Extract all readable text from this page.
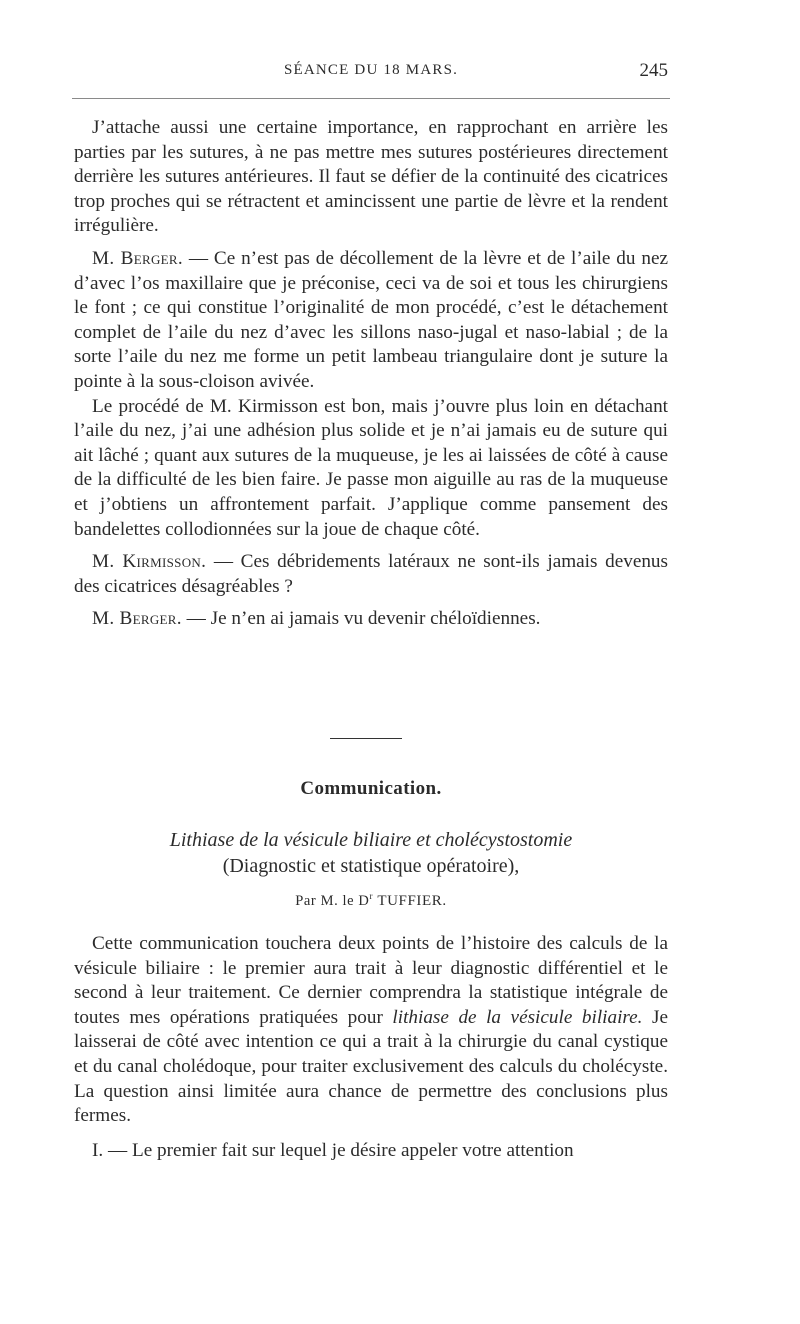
SÉANCE DU 18 MARS.	245

J’attache aussi une certaine importance, en rapprochant en arrière les parties par les sutures, à ne pas mettre mes sutures postérieures directement derrière les sutures antérieures. Il faut se défier de la continuité des cicatrices trop proches qui se rétractent et amincissent une partie de lèvre et la rendent irrégulière.

M. Berger. — Ce n’est pas de décollement de la lèvre et de l’aile du nez d’avec l’os maxillaire que je préconise, ceci va de soi et tous les chirurgiens le font ; ce qui constitue l’originalité de mon procédé, c’est le détachement complet de l’aile du nez d’avec les sillons naso-jugal et naso-labial ; de la sorte l’aile du nez me forme un petit lambeau triangulaire dont je suture la pointe à la sous-cloison avivée.

Le procédé de M. Kirmisson est bon, mais j’ouvre plus loin en détachant l’aile du nez, j’ai une adhésion plus solide et je n’ai jamais eu de suture qui ait lâché ; quant aux sutures de la muqueuse, je les ai laissées de côté à cause de la difficulté de les bien faire. Je passe mon aiguille au ras de la muqueuse et j’obtiens un affrontement parfait. J’applique comme pansement des bandelettes collodionnées sur la joue de chaque côté.

M. Kirmisson. — Ces débridements latéraux ne sont-ils jamais devenus des cicatrices désagréables ?

M. Berger. — Je n’en ai jamais vu devenir chéloïdiennes.

Communication.
Lithiase de la vésicule biliaire et cholécystostomie
(Diagnostic et statistique opératoire),
Par M. le $D^r$ TUFFIER.

Cette communication touchera deux points de l’histoire des calculs de la vésicule biliaire : le premier aura trait à leur diagnostic différentiel et le second à leur traitement. Ce dernier comprendra la statistique intégrale de toutes mes opérations pratiquées pour lithiase de la vésicule biliaire. Je laisserai de côté avec intention ce qui a trait à la chirurgie du canal cystique et du canal cholédoque, pour traiter exclusivement des calculs du cholécyste. La question ainsi limitée aura chance de permettre des conclusions plus fermes.

I. — Le premier fait sur lequel je désire appeler votre attention
